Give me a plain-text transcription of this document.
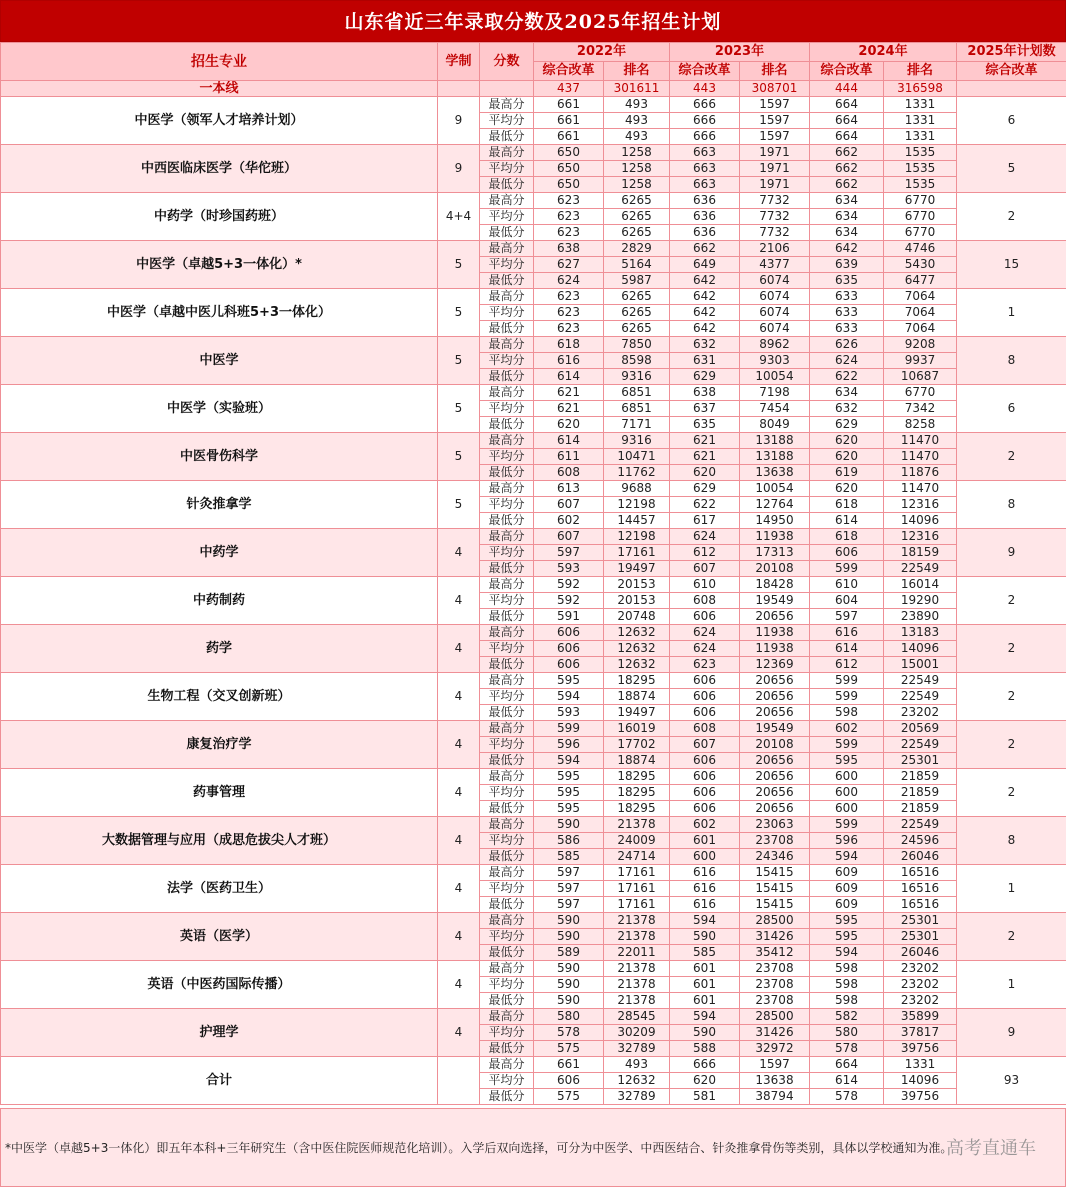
山东省近三年录取分数及2025年招生计划
招生专业	学制	分数	2022年		2023年		2024年		2025年计划数
			综合改革	排名	综合改革	排名	综合改革	排名	综合改革
一本线			437	301611	443	308701	444	316598	
中医学（领军人才培养计划）	9	最高分	661	493	666	1597	664	1331	6
		平均分	661	493	666	1597	664	1331	
		最低分	661	493	666	1597	664	1331	
中西医临床医学（华佗班）	9	最高分	650	1258	663	1971	662	1535	5
		平均分	650	1258	663	1971	662	1535	
		最低分	650	1258	663	1971	662	1535	
中药学（时珍国药班）	4+4	最高分	623	6265	636	7732	634	6770	2
		平均分	623	6265	636	7732	634	6770	
		最低分	623	6265	636	7732	634	6770	
中医学（卓越5+3一体化）*	5	最高分	638	2829	662	2106	642	4746	15
		平均分	627	5164	649	4377	639	5430	
		最低分	624	5987	642	6074	635	6477	
中医学（卓越中医儿科班5+3一体化）	5	最高分	623	6265	642	6074	633	7064	1
		平均分	623	6265	642	6074	633	7064	
		最低分	623	6265	642	6074	633	7064	
中医学	5	最高分	618	7850	632	8962	626	9208	8
		平均分	616	8598	631	9303	624	9937	
		最低分	614	9316	629	10054	622	10687	
中医学（实验班）	5	最高分	621	6851	638	7198	634	6770	6
		平均分	621	6851	637	7454	632	7342	
		最低分	620	7171	635	8049	629	8258	
中医骨伤科学	5	最高分	614	9316	621	13188	620	11470	2
		平均分	611	10471	621	13188	620	11470	
		最低分	608	11762	620	13638	619	11876	
针灸推拿学	5	最高分	613	9688	629	10054	620	11470	8
		平均分	607	12198	622	12764	618	12316	
		最低分	602	14457	617	14950	614	14096	
中药学	4	最高分	607	12198	624	11938	618	12316	9
		平均分	597	17161	612	17313	606	18159	
		最低分	593	19497	607	20108	599	22549	
中药制药	4	最高分	592	20153	610	18428	610	16014	2
		平均分	592	20153	608	19549	604	19290	
		最低分	591	20748	606	20656	597	23890	
药学	4	最高分	606	12632	624	11938	616	13183	2
		平均分	606	12632	624	11938	614	14096	
		最低分	606	12632	623	12369	612	15001	
生物工程（交叉创新班）	4	最高分	595	18295	606	20656	599	22549	2
		平均分	594	18874	606	20656	599	22549	
		最低分	593	19497	606	20656	598	23202	
康复治疗学	4	最高分	599	16019	608	19549	602	20569	2
		平均分	596	17702	607	20108	599	22549	
		最低分	594	18874	606	20656	595	25301	
药事管理	4	最高分	595	18295	606	20656	600	21859	2
		平均分	595	18295	606	20656	600	21859	
		最低分	595	18295	606	20656	600	21859	
大数据管理与应用（成思危拔尖人才班）	4	最高分	590	21378	602	23063	599	22549	8
		平均分	586	24009	601	23708	596	24596	
		最低分	585	24714	600	24346	594	26046	
法学（医药卫生）	4	最高分	597	17161	616	15415	609	16516	1
		平均分	597	17161	616	15415	609	16516	
		最低分	597	17161	616	15415	609	16516	
英语（医学）	4	最高分	590	21378	594	28500	595	25301	2
		平均分	590	21378	590	31426	595	25301	
		最低分	589	22011	585	35412	594	26046	
英语（中医药国际传播）	4	最高分	590	21378	601	23708	598	23202	1
		平均分	590	21378	601	23708	598	23202	
		最低分	590	21378	601	23708	598	23202	
护理学	4	最高分	580	28545	594	28500	582	35899	9
		平均分	578	30209	590	31426	580	37817	
		最低分	575	32789	588	32972	578	39756	
合计		最高分	661	493	666	1597	664	1331	93
		平均分	606	12632	620	13638	614	14096	
		最低分	575	32789	581	38794	578	39756	
*中医学（卓越5+3一体化）即五年本科+三年研究生（含中医住院医师规范化培训）。入学后双向选择，可分为中医学、中西医结合、针灸推拿骨伤等类别，具体以学校通知为准。
高考直通车
